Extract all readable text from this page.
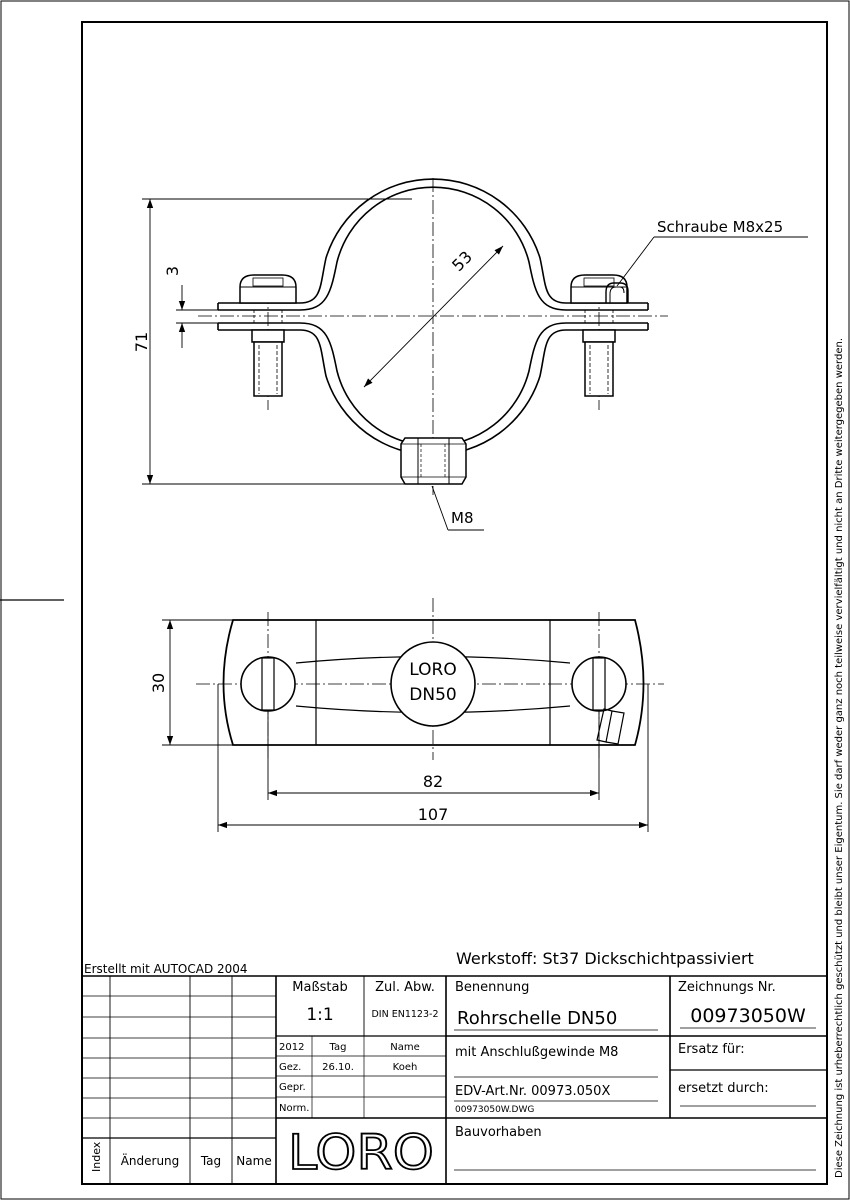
Diese Zeichnung ist urheberrechtlich geschützt und bleibt unser Eigentum. Sie darf weder ganz noch teilweise vervielfältigt und nicht an Dritte weitergegeben werden.
71
3	53
Schraube M8x25
M8
LORO
DN50
30
82
107
Erstellt mit AUTOCAD 2004
Werkstoff: St37 Dickschichtpassiviert
Index Änderung Tag Name
Maßstab
1:1
Zul. Abw.
DIN EN1123-2
2012	Tag	Name
Gez. 26.10.	Koeh
Gepr.
Norm.
Benennung
Rohrschelle DN50
Zeichnungs Nr.
00973050W
mit Anschlußgewinde M8	Ersatz für:
EDV-Art.Nr. 00973.050X
00973050W.DWG
ersetzt durch:
Bauvorhaben
LORO
